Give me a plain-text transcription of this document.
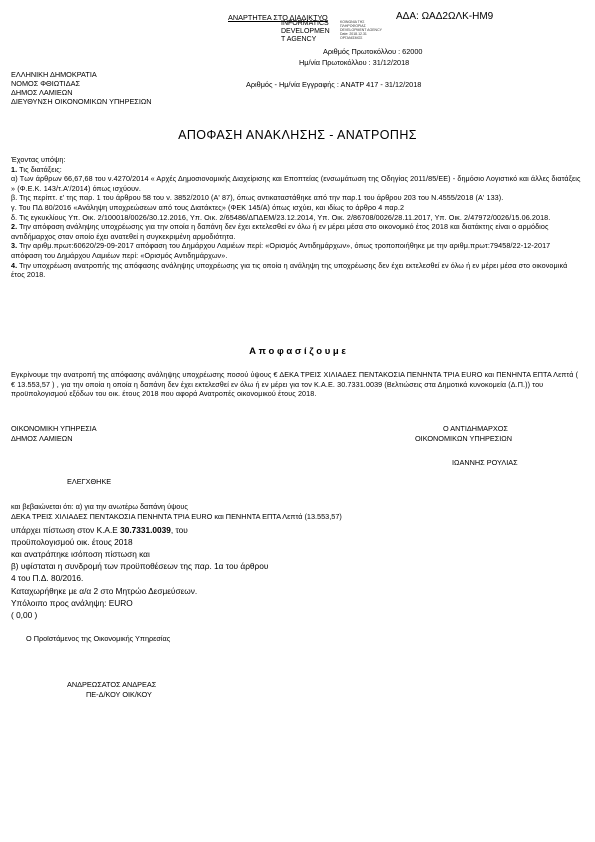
ΑΝΑΡΤΗΤΕΑ ΣΤΟ ΔΙΑΔΙΚΤΥΟ	ΑΔΑ: ΩΑΔ2ΩΛΚ-ΗΜ9
INFORMATICS
DEVELOPMEN
T AGENCY
ΚΟΙΝΩΝΙΑ ΤΗΣ
ΠΛΗΡΟΦΟΡΙΑΣ
DEVELOPMENT AGENCY
Date: 2018.12.31
ΟΡΓΑΝΙΣΜΟΣ
Αριθμός Πρωτοκόλλου : 62000
Ημ/νία Πρωτοκόλλου : 31/12/2018
ΕΛΛΗΝΙΚΗ ΔΗΜΟΚΡΑΤΙΑ
ΝΟΜΟΣ ΦΘΙΩΤΙΔΑΣ
ΔΗΜΟΣ ΛΑΜΙΕΩΝ
ΔΙΕΥΘΥΝΣΗ ΟΙΚΟΝΟΜΙΚΩΝ ΥΠΗΡΕΣΙΩΝ
Αριθμός - Ημ/νία Εγγραφής : ΑΝΑΤΡ 417 - 31/12/2018
ΑΠΟΦΑΣΗ ΑΝΑΚΛΗΣΗΣ - ΑΝΑΤΡΟΠΗΣ

Έχοντας υπόψη:

1. Τις διατάξεις:

α) Των άρθρων 66,67,68 του ν.4270/2014 « Αρχές Δημοσιονομικής Διαχείρισης και Εποπτείας (ενσωμάτωση της Οδηγίας 2011/85/ΕΕ) - δημόσιο Λογιστικό και άλλες διατάξεις » (Φ.Ε.Κ. 143/τ.Α'/2014) όπως ισχύουν.

β. Της περίπτ. ε' της παρ. 1 του άρθρου 58 του ν. 3852/2010 (Α' 87), όπως αντικαταστάθηκε από την παρ.1 του άρθρου 203 του Ν.4555/2018 (Α' 133).

γ. Του ΠΔ 80/2016 «Ανάληψη υποχρεώσεων από τους Διατάκτες» (ΦΕΚ 145/Α) όπως ισχύει, και ιδίως το άρθρο 4 παρ.2

δ. Τις εγκυκλίους Υπ. Οικ. 2/100018/0026/30.12.2016, Υπ. Οικ. 2/65486/ΔΠΔΕΜ/23.12.2014, Υπ. Οικ. 2/86708/0026/28.11.2017, Υπ. Οικ. 2/47972/0026/15.06.2018.

2. Την απόφαση ανάληψης υποχρέωσης για την οποία η δαπάνη δεν έχει εκτελεσθεί εν όλω ή εν μέρει μέσα στο οικονομικό έτος 2018 και διατάκτης είναι ο αρμόδιος αντιδήμαρχος σταν οποίο έχει ανατεθεί η συγκεκριμένη αρμοδιότητα.

3. Την αριθμ.πρωτ:60620/29-09-2017 απόφαση του Δημάρχου Λαμιέων περί: «Ορισμός Αντιδημάρχων», όπως τροποποιήθηκε με την αριθμ.πρωτ:79458/22-12-2017 απόφαση του Δημάρχου Λαμιέων περί: «Ορισμός Αντιδημάρχων».

4. Την υποχρέωση ανατροπής της απόφασης ανάληψης υποχρέωσης για τις οποία η ανάληψη της υποχρέωσης δεν έχει εκτελεσθεί εν όλω ή εν μέρει μέσα στο οικονομικά έτος 2018.

Α π ο φ α σ ί ζ ο υ μ ε

Εγκρίνουμε την ανατροπή της απόφασης ανάληψης υποχρέωσης ποσού ύψους € ΔΕΚΑ ΤΡΕΙΣ ΧΙΛΙΑΔΕΣ ΠΕΝΤΑΚΟΣΙΑ ΠΕΝΗΝΤΑ ΤΡΙΑ EURO και ΠΕΝΗΝΤΑ ΕΠΤΑ Λεπτά ( € 13.553,57 ) , για την οποία η οποία η δαπάνη δεν έχει εκτελεσθεί εν όλω ή εν μέρει για τον Κ.Α.Ε. 30.7331.0039 (Βελτιώσεις στα Δημοτικά κυνοκομεία (Δ.Π.)) του προϋπολογισμού εξόδων του οικ. έτους 2018 που αφορά Ανατροπές οικονομικού έτους 2018.

ΟΙΚΟΝΟΜΙΚΗ ΥΠΗΡΕΣΙΑ
ΔΗΜΟΣ ΛΑΜΙΕΩΝ
Ο ΑΝΤΙΔΗΜΑΡΧΟΣ
ΟΙΚΟΝΟΜΙΚΩΝ ΥΠΗΡΕΣΙΩΝ
ΙΩΑΝΝΗΣ ΡΟΥΛΙΑΣ
ΕΛΕΓΧΘΗΚΕ
και βεβαιώνεται ότι: α) για την ανωτέρω δαπάνη ύψους
ΔΕΚΑ ΤΡΕΙΣ ΧΙΛΙΑΔΕΣ ΠΕΝΤΑΚΟΣΙΑ ΠΕΝΗΝΤΑ ΤΡΙΑ EURO και ΠΕΝΗΝΤΑ ΕΠΤΑ Λεπτά (13.553,57)
υπάρχει πίστωση στον Κ.Α.Ε 30.7331.0039, του
προϋπολογισμού οικ. έτους 2018
και ανατράπηκε ισόποση πίστωση και
β) υφίσταται η συνδρομή των προϋποθέσεων της παρ. 1α του άρθρου
4 του Π.Δ. 80/2016.
Καταχωρήθηκε με α/α 2 στο Μητρώο Δεσμεύσεων.
Υπόλοιπο προς ανάληψη: EURO
( 0,00 )
Ο Προϊστάμενος της Οικονομικής Υπηρεσίας
ΑΝΔΡΕΩΣΑΤΟΣ ΑΝΔΡΕΑΣ
ΠΕ-Δ/ΚΟΥ ΟΙΚ/ΚΟΥ
